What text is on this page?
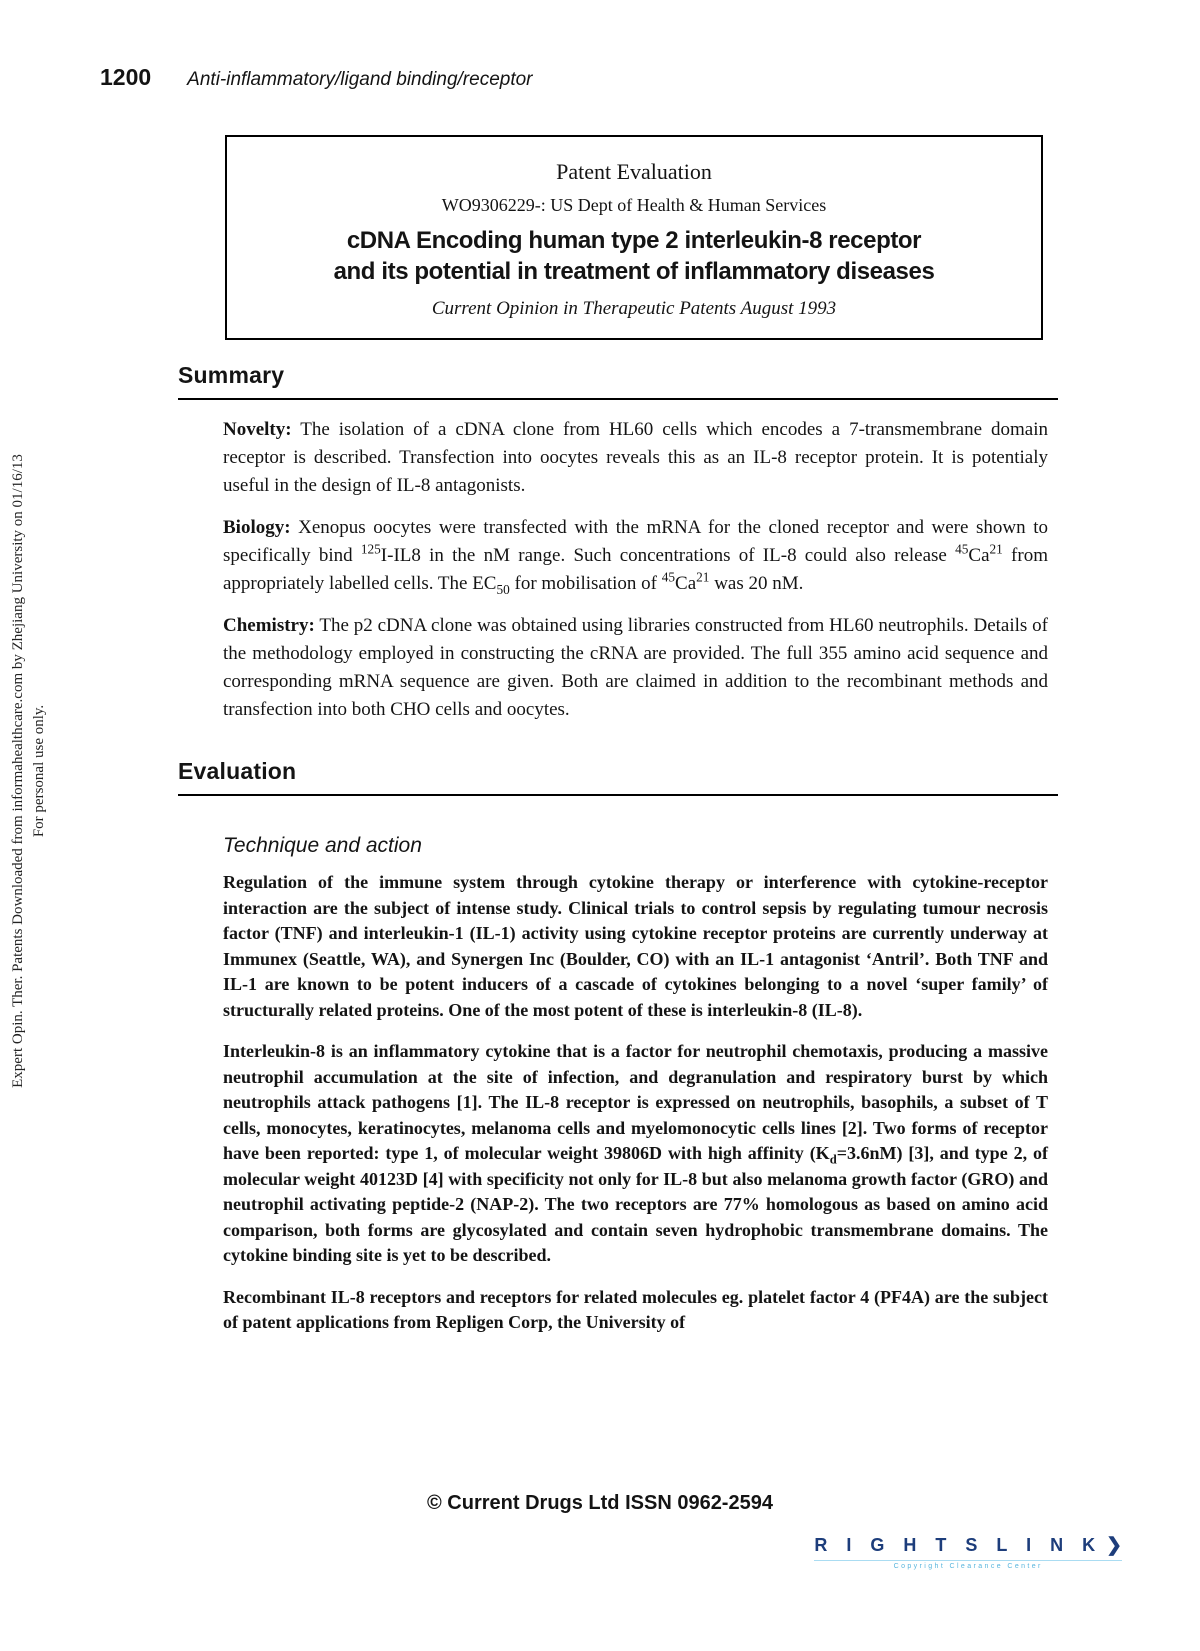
1200 Anti-inflammatory/ligand binding/receptor
Expert Opin. Ther. Patents Downloaded from informahealthcare.com by Zhejiang University on 01/16/13 For personal use only.
Patent Evaluation
WO9306229-: US Dept of Health & Human Services
cDNA Encoding human type 2 interleukin-8 receptor
and its potential in treatment of inflammatory diseases
Current Opinion in Therapeutic Patents August 1993
Summary

Novelty: The isolation of a cDNA clone from HL60 cells which encodes a 7-transmembrane domain receptor is described. Transfection into oocytes reveals this as an IL-8 receptor protein. It is potentialy useful in the design of IL-8 antagonists.

Biology: Xenopus oocytes were transfected with the mRNA for the cloned receptor and were shown to specifically bind $^{125}$I-IL8 in the nM range. Such concentrations of IL-8 could also release $^{45}$Ca$^{21}$ from appropriately labelled cells. The $EC_{50}$ for mobilisation of $^{45}$Ca$^{21}$ was 20 nM.

Chemistry: The p2 cDNA clone was obtained using libraries constructed from HL60 neutrophils. Details of the methodology employed in constructing the cRNA are provided. The full 355 amino acid sequence and corresponding mRNA sequence are given. Both are claimed in addition to the recombinant methods and transfection into both CHO cells and oocytes.

Evaluation
Technique and action

Regulation of the immune system through cytokine therapy or interference with cytokine-receptor interaction are the subject of intense study. Clinical trials to control sepsis by regulating tumour necrosis factor (TNF) and interleukin-1 (IL-1) activity using cytokine receptor proteins are currently underway at Immunex (Seattle, WA), and Synergen Inc (Boulder, CO) with an IL-1 antagonist ‘Antril’. Both TNF and IL-1 are known to be potent inducers of a cascade of cytokines belonging to a novel ‘super family’ of structurally related proteins. One of the most potent of these is interleukin-8 (IL-8).

Interleukin-8 is an inflammatory cytokine that is a factor for neutrophil chemotaxis, producing a massive neutrophil accumulation at the site of infection, and degranulation and respiratory burst by which neutrophils attack pathogens [1]. The IL-8 receptor is expressed on neutrophils, basophils, a subset of T cells, monocytes, keratinocytes, melanoma cells and myelomonocytic cells lines [2]. Two forms of receptor have been reported: type 1, of molecular weight 39806D with high affinity $(K_d=3.6nM)$ [3], and type 2, of molecular weight 40123D [4] with specificity not only for IL-8 but also melanoma growth factor (GRO) and neutrophil activating peptide-2 (NAP-2). The two receptors are 77% homologous as based on amino acid comparison, both forms are glycosylated and contain seven hydrophobic transmembrane domains. The cytokine binding site is yet to be described.

Recombinant IL-8 receptors and receptors for related molecules eg. platelet factor 4 (PF4A) are the subject of patent applications from Repligen Corp, the University of

© Current Drugs Ltd ISSN 0962-2594
R I G H T S L I N K ❯
Copyright Clearance Center
